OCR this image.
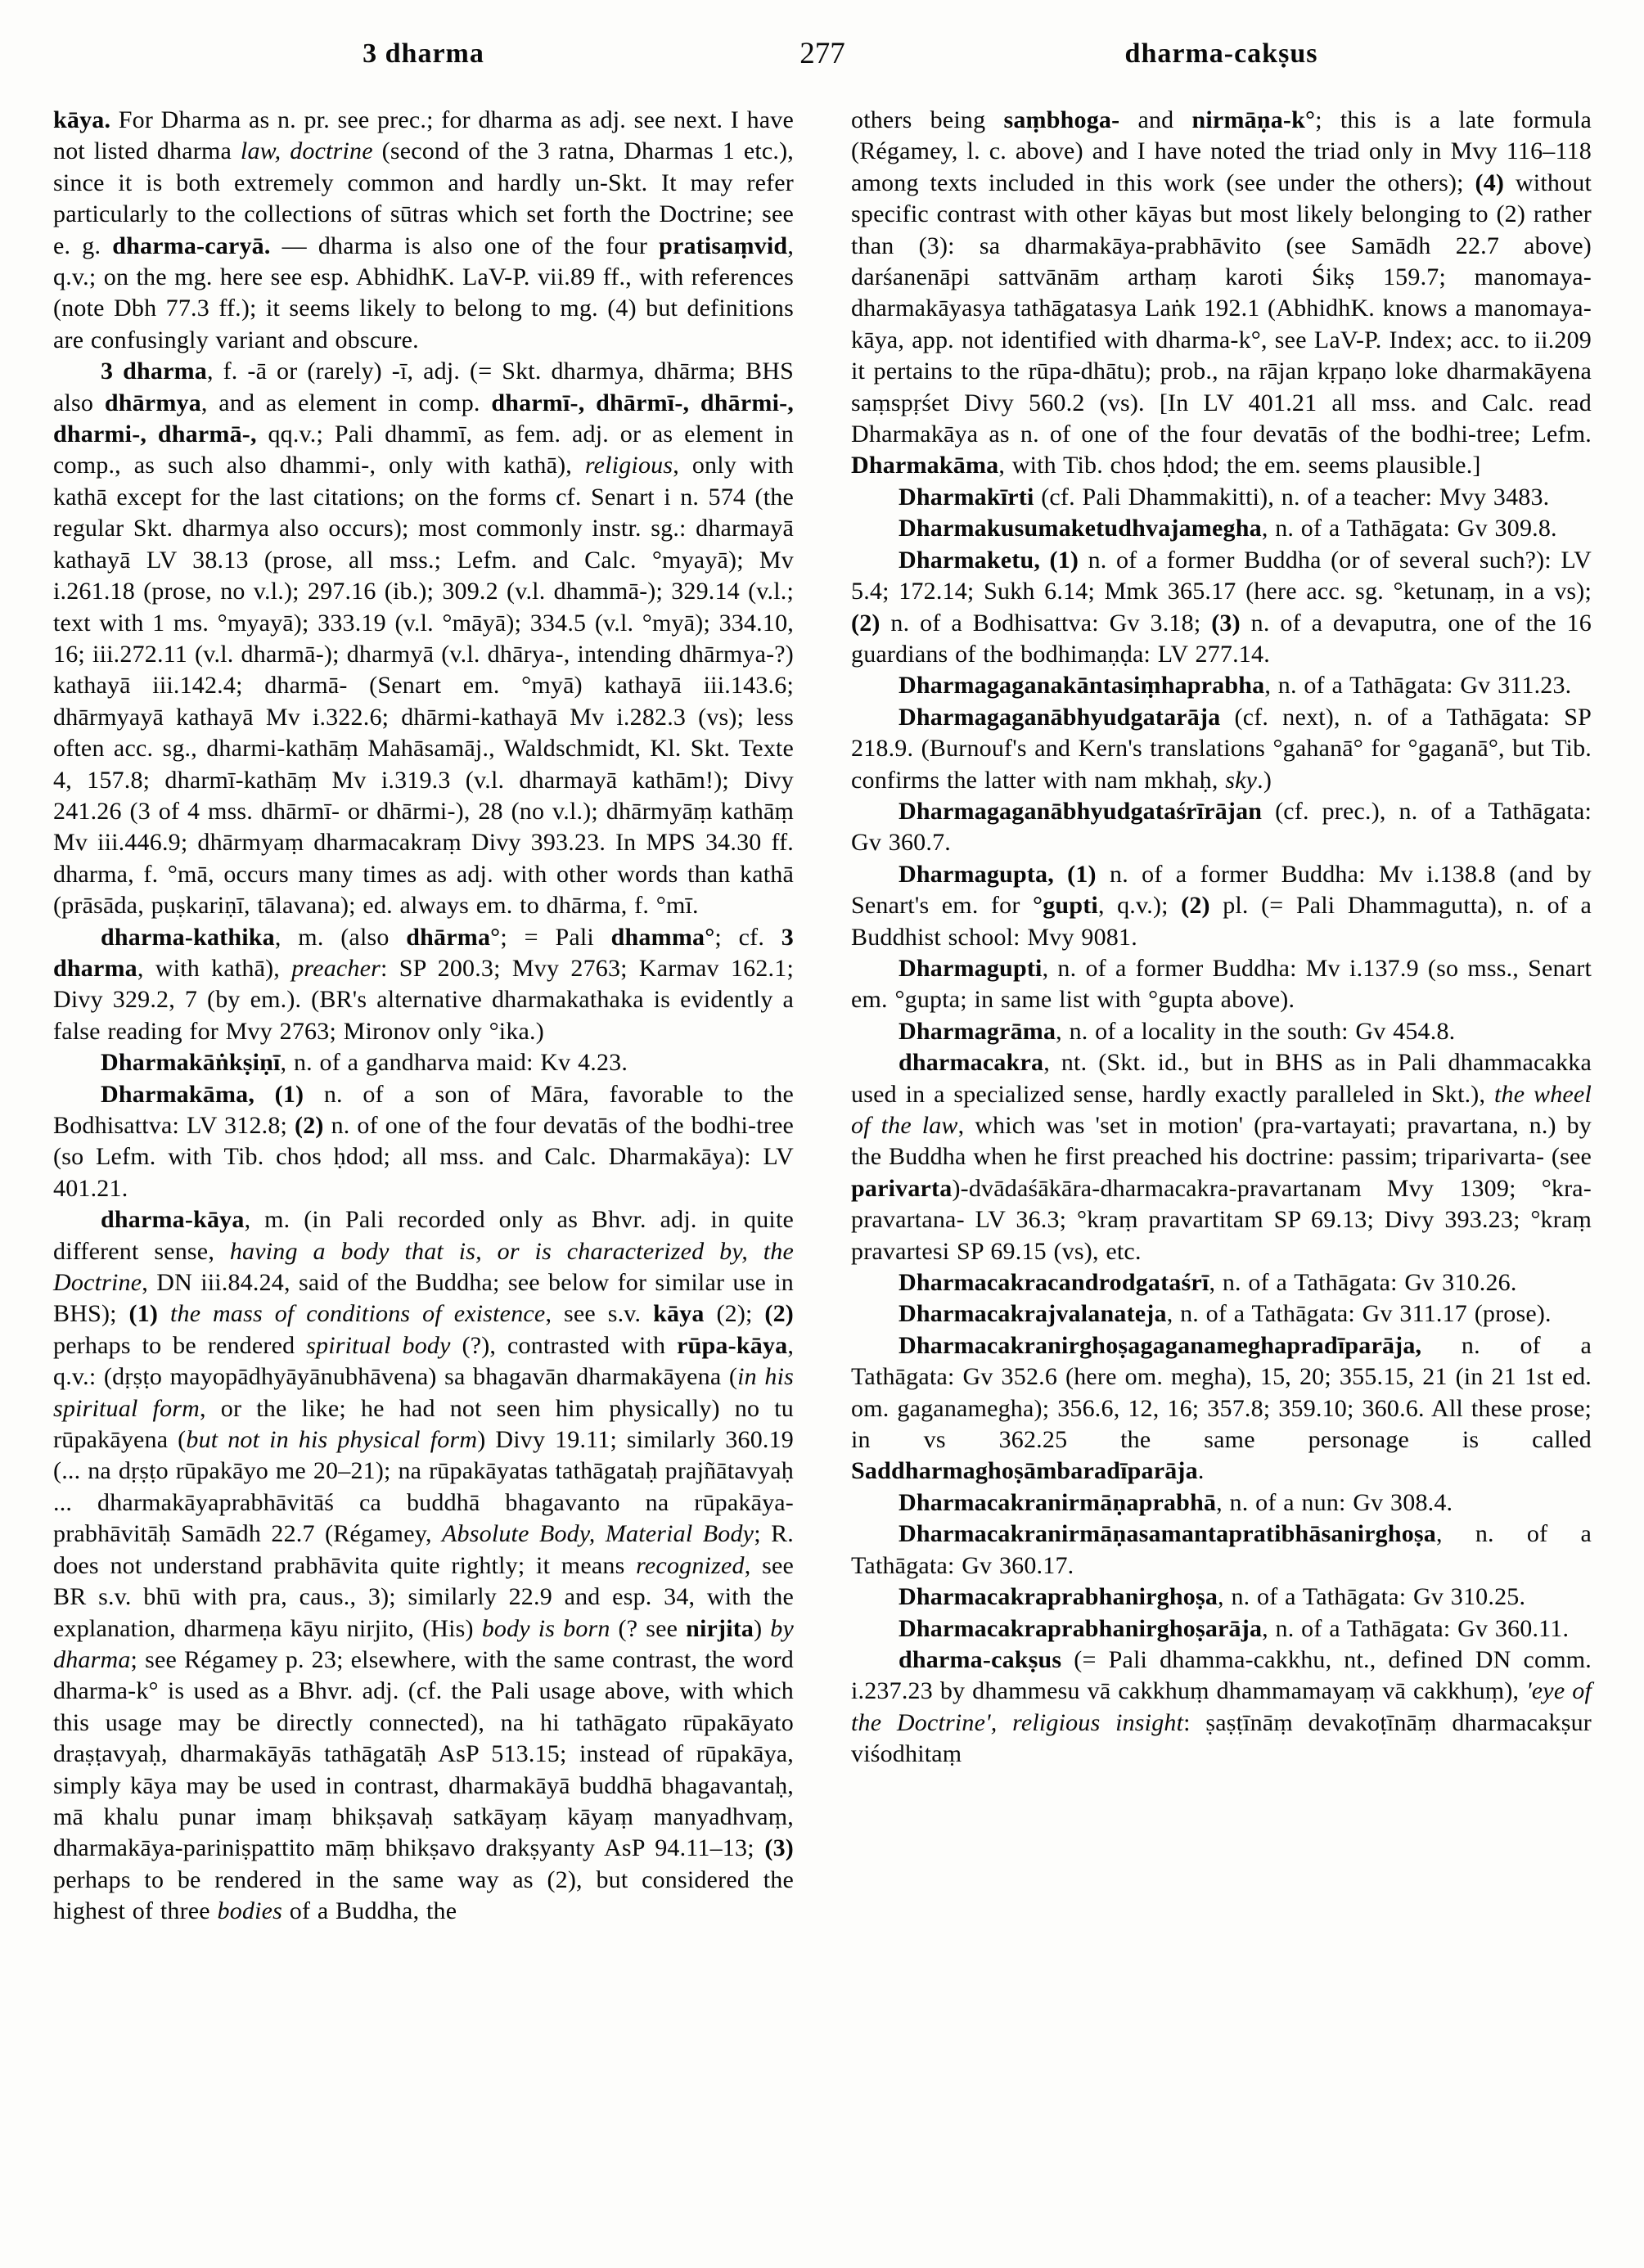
3 dharma	277	dharma-cakṣus

kāya. For Dharma as n. pr. see prec.; for dharma as adj. see next. I have not listed dharma law, doctrine (second of the 3 ratna, Dharmas 1 etc.), since it is both extremely common and hardly un-Skt. It may refer particularly to the collections of sūtras which set forth the Doctrine; see e. g. dharma-caryā. — dharma is also one of the four pratisaṃvid, q.v.; on the mg. here see esp. AbhidhK. LaV-P. vii.89 ff., with references (note Dbh 77.3 ff.); it seems likely to belong to mg. (4) but definitions are confusingly variant and obscure.

3 dharma, f. -ā or (rarely) -ī, adj. (= Skt. dharmya, dhārma; BHS also dhārmya, and as element in comp. dharmī-, dhārmī-, dhārmi-, dharmi-, dharmā-, qq.v.; Pali dhammī, as fem. adj. or as element in comp., as such also dhammi-, only with kathā), religious, only with kathā except for the last citations; on the forms cf. Senart i n. 574 (the regular Skt. dharmya also occurs); most commonly instr. sg.: dharmayā kathayā LV 38.13 (prose, all mss.; Lefm. and Calc. °myayā); Mv i.261.18 (prose, no v.l.); 297.16 (ib.); 309.2 (v.l. dhammā-); 329.14 (v.l.; text with 1 ms. °myayā); 333.19 (v.l. °māyā); 334.5 (v.l. °myā); 334.10, 16; iii.272.11 (v.l. dharmā-); dharmyā (v.l. dhārya-, intending dhārmya-?) kathayā iii.142.4; dharmā- (Senart em. °myā) kathayā iii.143.6; dhārmyayā kathayā Mv i.322.6; dhārmi-kathayā Mv i.282.3 (vs); less often acc. sg., dharmi-kathāṃ Mahāsamāj., Waldschmidt, Kl. Skt. Texte 4, 157.8; dharmī-kathāṃ Mv i.319.3 (v.l. dharmayā kathām!); Divy 241.26 (3 of 4 mss. dhārmī- or dhārmi-), 28 (no v.l.); dhārmyāṃ kathāṃ Mv iii.446.9; dhārmyaṃ dharmacakraṃ Divy 393.23. In MPS 34.30 ff. dharma, f. °mā, occurs many times as adj. with other words than kathā (prāsāda, puṣkariṇī, tālavana); ed. always em. to dhārma, f. °mī.

dharma-kathika, m. (also dhārma°; = Pali dhamma°; cf. 3 dharma, with kathā), preacher: SP 200.3; Mvy 2763; Karmav 162.1; Divy 329.2, 7 (by em.). (BR's alternative dharmakathaka is evidently a false reading for Mvy 2763; Mironov only °ika.)

Dharmakāṅkṣiṇī, n. of a gandharva maid: Kv 4.23.

Dharmakāma, (1) n. of a son of Māra, favorable to the Bodhisattva: LV 312.8; (2) n. of one of the four devatās of the bodhi-tree (so Lefm. with Tib. chos ḥdod; all mss. and Calc. Dharmakāya): LV 401.21.

dharma-kāya, m. (in Pali recorded only as Bhvr. adj. in quite different sense, having a body that is, or is characterized by, the Doctrine, DN iii.84.24, said of the Buddha; see below for similar use in BHS); (1) the mass of conditions of existence, see s.v. kāya (2); (2) perhaps to be rendered spiritual body (?), contrasted with rūpa-kāya, q.v.: (dṛṣṭo mayopādhyāyānubhāvena) sa bhagavān dharmakāyena (in his spiritual form, or the like; he had not seen him physically) no tu rūpakāyena (but not in his physical form) Divy 19.11; similarly 360.19 (... na dṛṣṭo rūpakāyo me 20–21); na rūpakāyatas tathāgataḥ prajñātavyaḥ ... dharmakāyaprabhāvitāś ca buddhā bhagavanto na rūpakāya-prabhāvitāḥ Samādh 22.7 (Régamey, Absolute Body, Material Body; R. does not understand prabhāvita quite rightly; it means recognized, see BR s.v. bhū with pra, caus., 3); similarly 22.9 and esp. 34, with the explanation, dharmeṇa kāyu nirjito, (His) body is born (? see nirjita) by dharma; see Régamey p. 23; elsewhere, with the same contrast, the word dharma-k° is used as a Bhvr. adj. (cf. the Pali usage above, with which this usage may be directly connected), na hi tathāgato rūpakāyato draṣṭavyaḥ, dharmakāyās tathāgatāḥ AsP 513.15; instead of rūpakāya, simply kāya may be used in contrast, dharmakāyā buddhā bhagavantaḥ, mā khalu punar imaṃ bhikṣavaḥ satkāyaṃ kāyaṃ manyadhvaṃ, dharmakāya-pariniṣpattito māṃ bhikṣavo drakṣyanty AsP 94.11–13; (3) perhaps to be rendered in the same way as (2), but considered the highest of three bodies of a Buddha, the

others being saṃbhoga- and nirmāṇa-k°; this is a late formula (Régamey, l. c. above) and I have noted the triad only in Mvy 116–118 among texts included in this work (see under the others); (4) without specific contrast with other kāyas but most likely belonging to (2) rather than (3): sa dharmakāya-prabhāvito (see Samādh 22.7 above) darśanenāpi sattvānām arthaṃ karoti Śikṣ 159.7; manomaya-dharmakāyasya tathāgatasya Laṅk 192.1 (AbhidhK. knows a manomaya-kāya, app. not identified with dharma-k°, see LaV-P. Index; acc. to ii.209 it pertains to the rūpa-dhātu); prob., na rājan kṛpaṇo loke dharmakāyena saṃspṛśet Divy 560.2 (vs). [In LV 401.21 all mss. and Calc. read Dharmakāya as n. of one of the four devatās of the bodhi-tree; Lefm. Dharmakāma, with Tib. chos ḥdod; the em. seems plausible.]

Dharmakīrti (cf. Pali Dhammakitti), n. of a teacher: Mvy 3483.

Dharmakusumaketudhvajamegha, n. of a Tathāgata: Gv 309.8.

Dharmaketu, (1) n. of a former Buddha (or of several such?): LV 5.4; 172.14; Sukh 6.14; Mmk 365.17 (here acc. sg. °ketunaṃ, in a vs); (2) n. of a Bodhisattva: Gv 3.18; (3) n. of a devaputra, one of the 16 guardians of the bodhimaṇḍa: LV 277.14.

Dharmagaganakāntasiṃhaprabha, n. of a Tathāgata: Gv 311.23.

Dharmagaganābhyudgatarāja (cf. next), n. of a Tathāgata: SP 218.9. (Burnouf's and Kern's translations °gahanā° for °gaganā°, but Tib. confirms the latter with nam mkhaḥ, sky.)

Dharmagaganābhyudgataśrīrājan (cf. prec.), n. of a Tathāgata: Gv 360.7.

Dharmagupta, (1) n. of a former Buddha: Mv i.138.8 (and by Senart's em. for °gupti, q.v.); (2) pl. (= Pali Dhammagutta), n. of a Buddhist school: Mvy 9081.

Dharmagupti, n. of a former Buddha: Mv i.137.9 (so mss., Senart em. °gupta; in same list with °gupta above).

Dharmagrāma, n. of a locality in the south: Gv 454.8.

dharmacakra, nt. (Skt. id., but in BHS as in Pali dhammacakka used in a specialized sense, hardly exactly paralleled in Skt.), the wheel of the law, which was 'set in motion' (pra-vartayati; pravartana, n.) by the Buddha when he first preached his doctrine: passim; triparivarta- (see parivarta)-dvādaśākāra-dharmacakra-pravartanam Mvy 1309; °kra-pravartana- LV 36.3; °kraṃ pravartitam SP 69.13; Divy 393.23; °kraṃ pravartesi SP 69.15 (vs), etc.

Dharmacakracandrodgataśrī, n. of a Tathāgata: Gv 310.26.

Dharmacakrajvalanateja, n. of a Tathāgata: Gv 311.17 (prose).

Dharmacakranirghoṣagaganameghapradīparāja, n. of a Tathāgata: Gv 352.6 (here om. megha), 15, 20; 355.15, 21 (in 21 1st ed. om. gaganamegha); 356.6, 12, 16; 357.8; 359.10; 360.6. All these prose; in vs 362.25 the same personage is called Saddharmaghoṣāmbaradīparāja.

Dharmacakranirmāṇaprabhā, n. of a nun: Gv 308.4.

Dharmacakranirmāṇasamantapratibhāsanirghoṣa, n. of a Tathāgata: Gv 360.17.

Dharmacakraprabhanirghoṣa, n. of a Tathāgata: Gv 310.25.

Dharmacakraprabhanirghoṣarāja, n. of a Tathāgata: Gv 360.11.

dharma-cakṣus (= Pali dhamma-cakkhu, nt., defined DN comm. i.237.23 by dhammesu vā cakkhuṃ dhammamayaṃ vā cakkhuṃ), 'eye of the Doctrine', religious insight: ṣaṣṭīnāṃ devakoṭīnāṃ dharmacakṣur viśodhitaṃ
